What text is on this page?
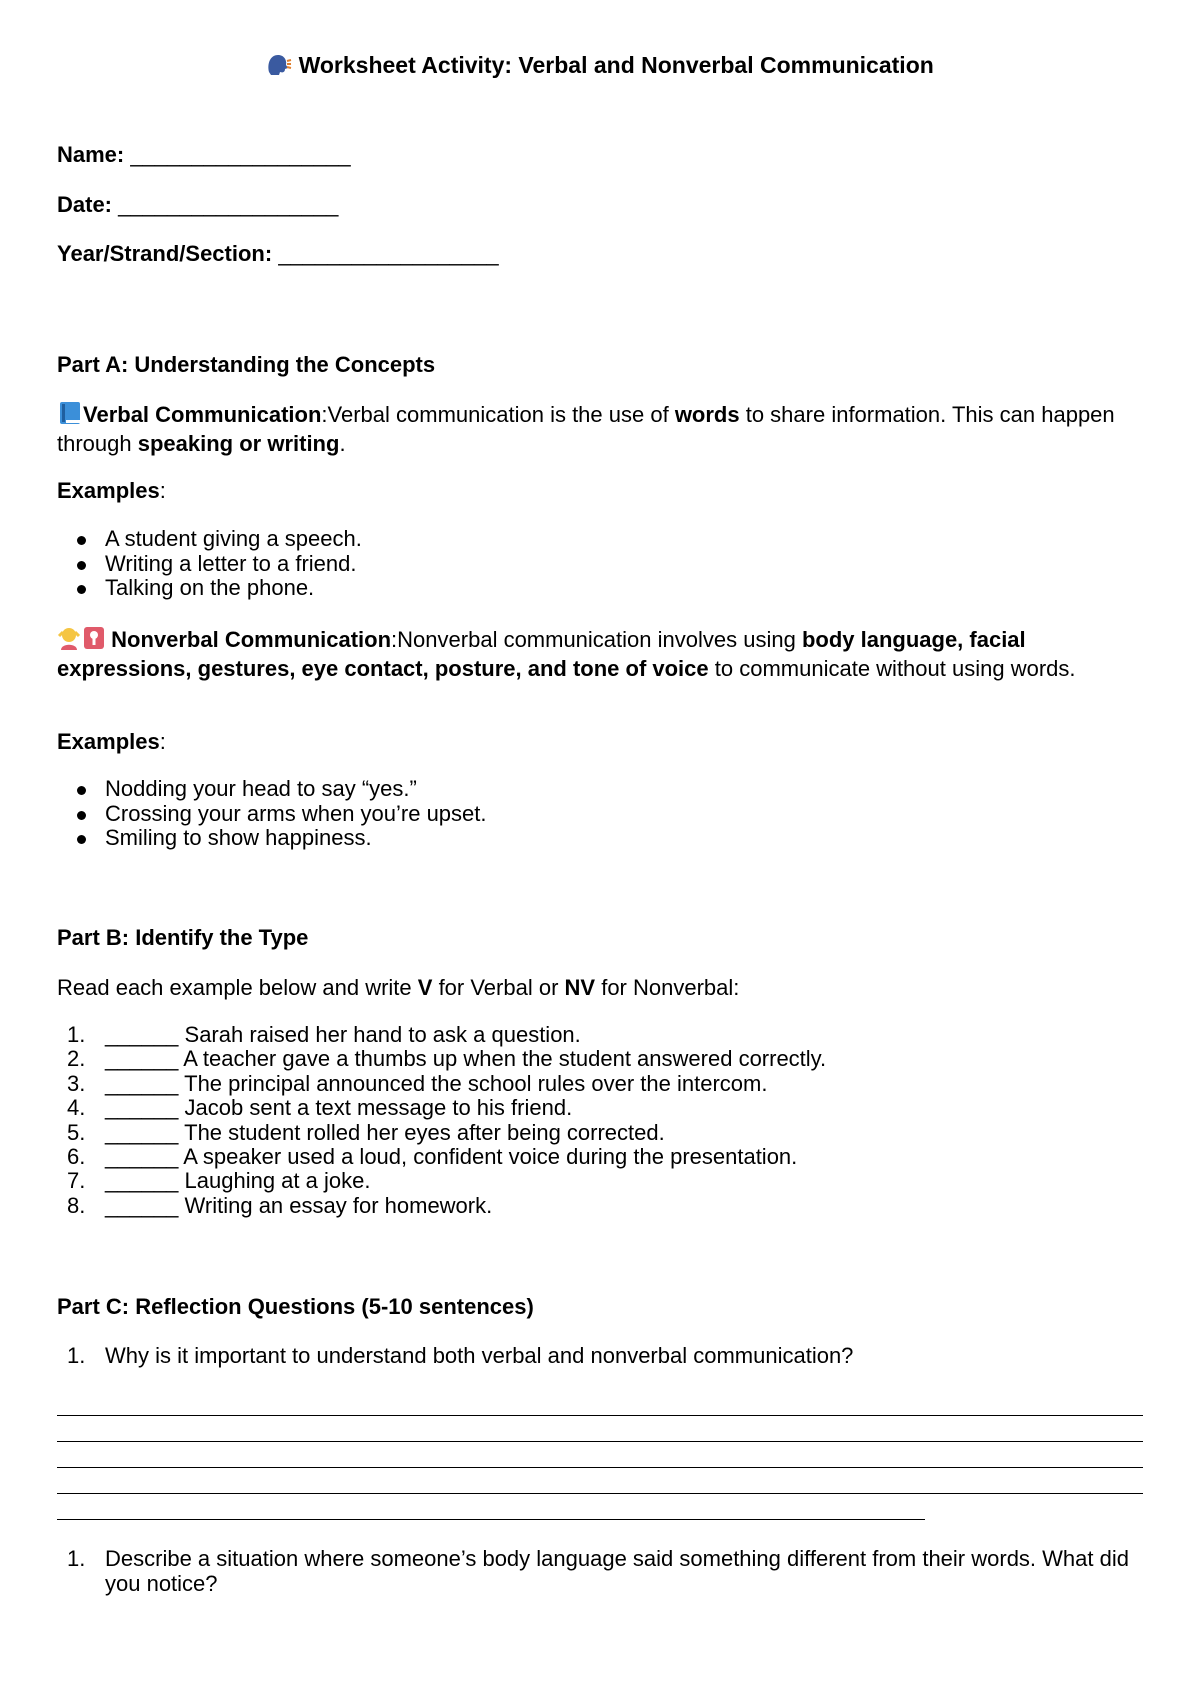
Worksheet Activity: Verbal and Nonverbal Communication
Name: __________________
Date: __________________
Year/Strand/Section: __________________
Part A: Understanding the Concepts
Verbal Communication:Verbal communication is the use of words to share information. This can happen through speaking or writing.
Examples:
A student giving a speech.
Writing a letter to a friend.
Talking on the phone.
Nonverbal Communication:Nonverbal communication involves using body language, facial expressions, gestures, eye contact, posture, and tone of voice to communicate without using words.
Examples:
Nodding your head to say “yes.”
Crossing your arms when you’re upset.
Smiling to show happiness.
Part B: Identify the Type
Read each example below and write V for Verbal or NV for Nonverbal:
1. ______ Sarah raised her hand to ask a question.
2. ______ A teacher gave a thumbs up when the student answered correctly.
3. ______ The principal announced the school rules over the intercom.
4. ______ Jacob sent a text message to his friend.
5. ______ The student rolled her eyes after being corrected.
6. ______ A speaker used a loud, confident voice during the presentation.
7. ______ Laughing at a joke.
8. ______ Writing an essay for homework.
Part C: Reflection Questions (5-10 sentences)
1. Why is it important to understand both verbal and nonverbal communication?
1. Describe a situation where someone’s body language said something different from their words. What did you notice?
